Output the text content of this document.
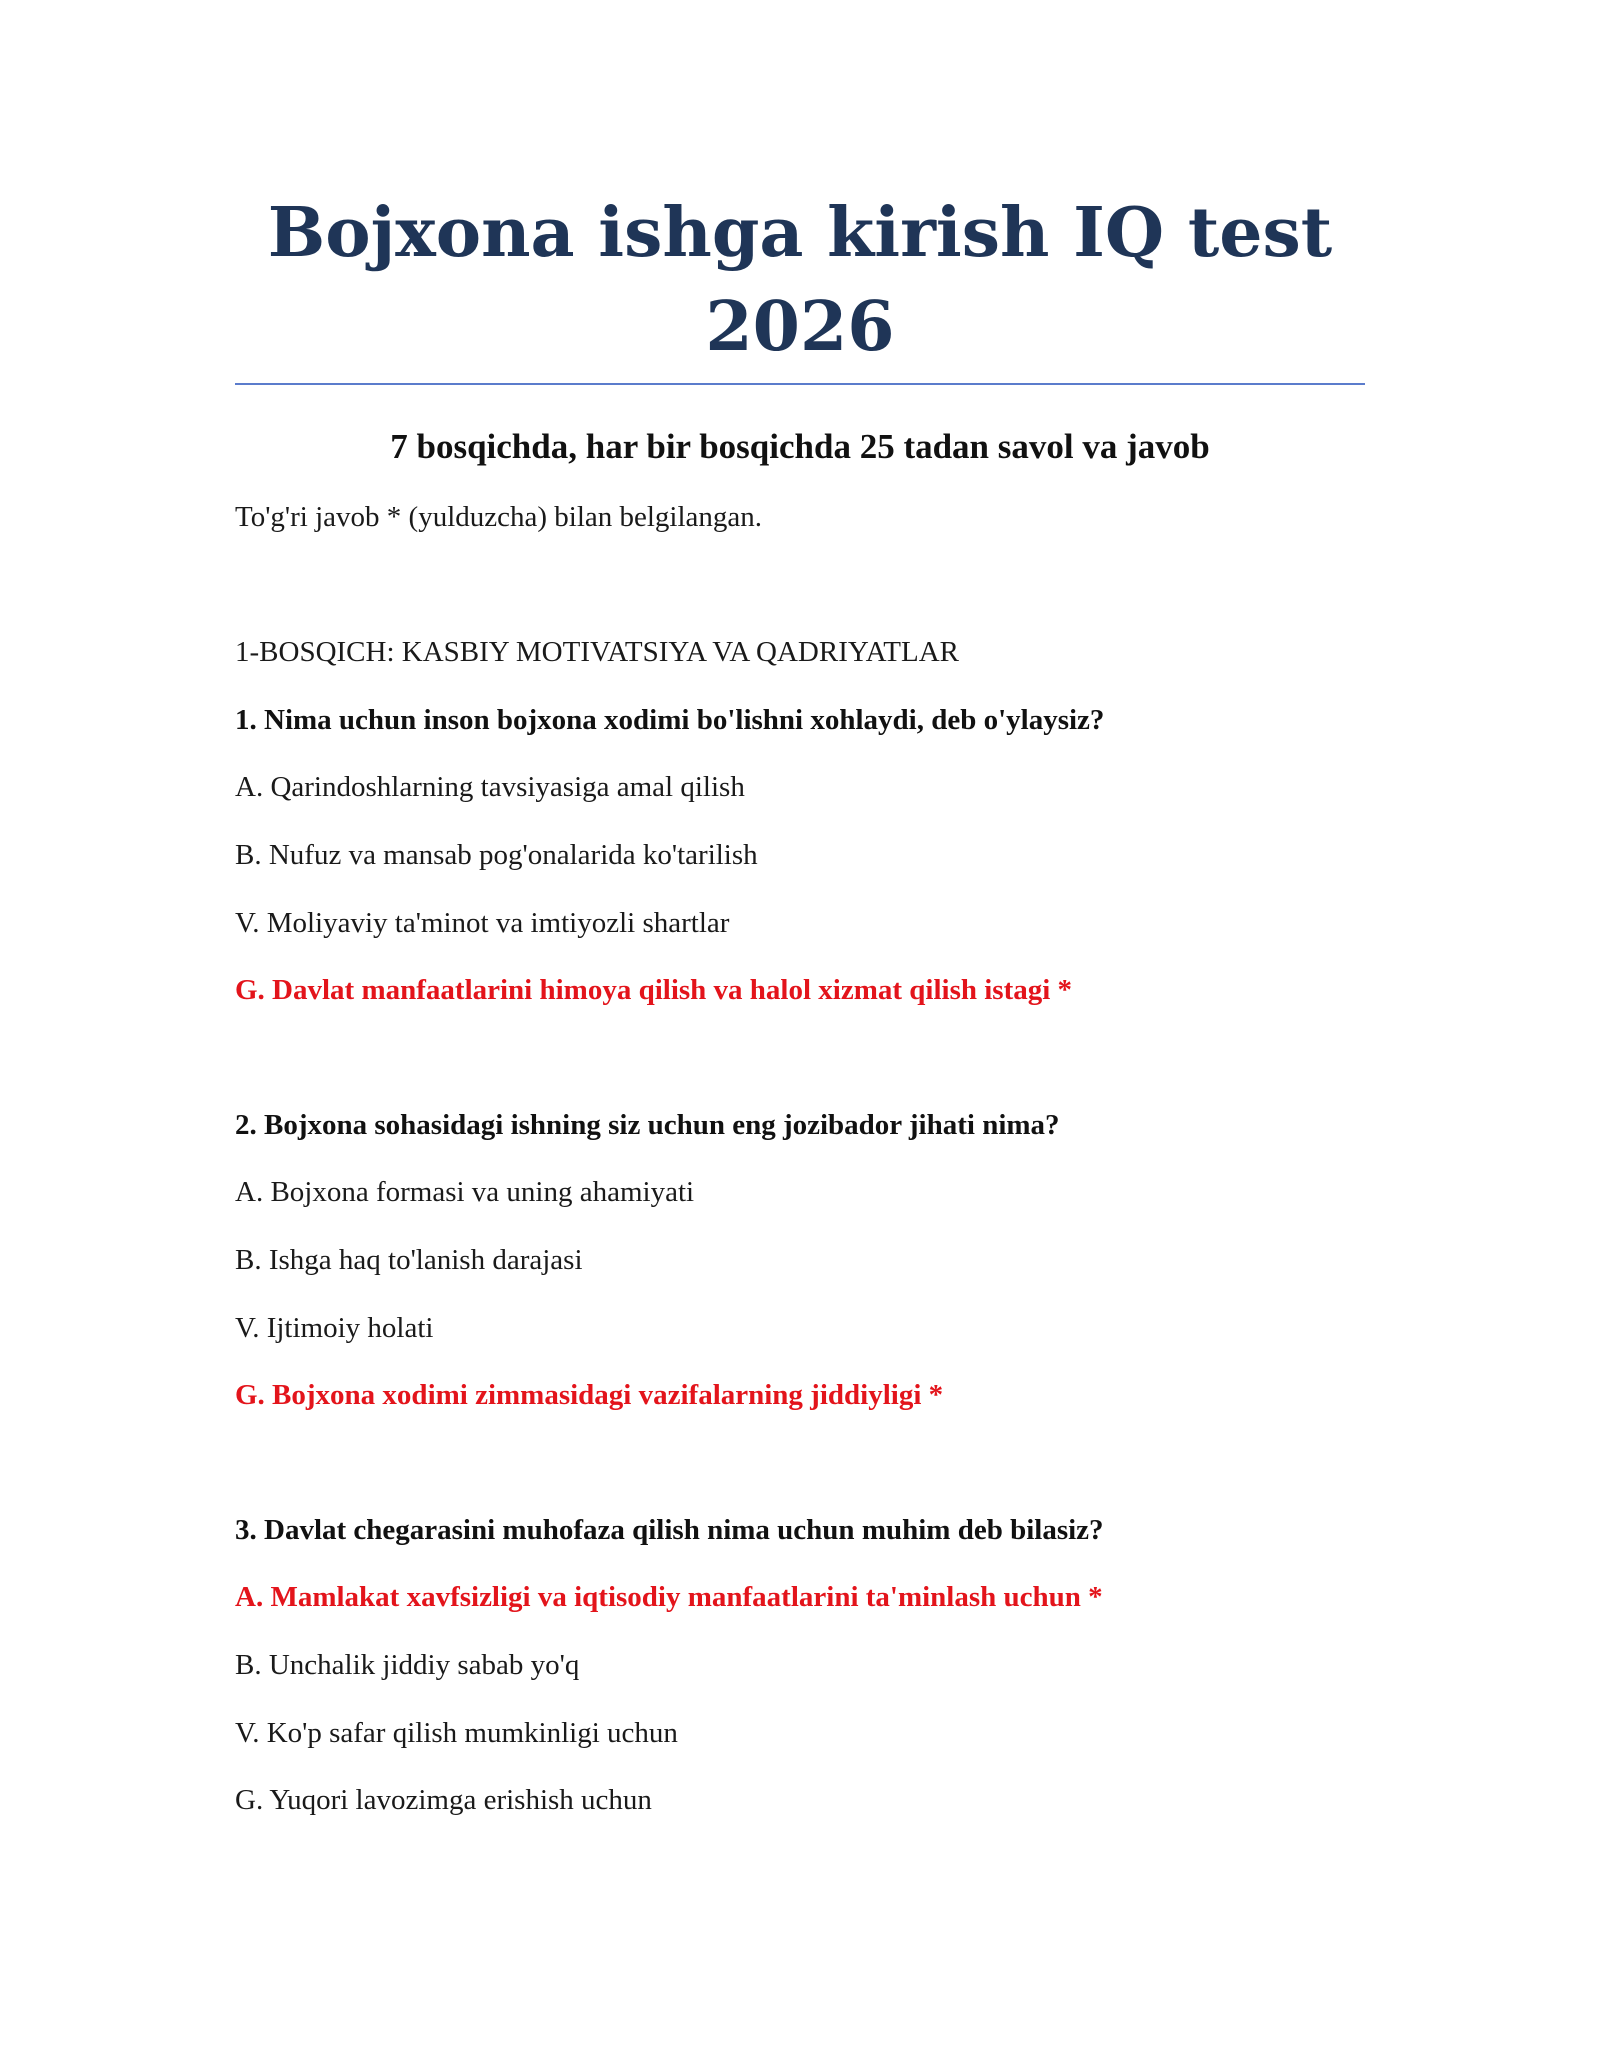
Bojxona ishga kirish IQ test
2026
7 bosqichda, har bir bosqichda 25 tadan savol va javob
To'g'ri javob * (yulduzcha) bilan belgilangan.
1-BOSQICH: KASBIY MOTIVATSIYA VA QADRIYATLAR
1. Nima uchun inson bojxona xodimi bo'lishni xohlaydi, deb o'ylaysiz?
A. Qarindoshlarning tavsiyasiga amal qilish
B. Nufuz va mansab pog'onalarida ko'tarilish
V. Moliyaviy ta'minot va imtiyozli shartlar
G. Davlat manfaatlarini himoya qilish va halol xizmat qilish istagi *
2. Bojxona sohasidagi ishning siz uchun eng jozibador jihati nima?
A. Bojxona formasi va uning ahamiyati
B. Ishga haq to'lanish darajasi
V. Ijtimoiy holati
G. Bojxona xodimi zimmasidagi vazifalarning jiddiyligi *
3. Davlat chegarasini muhofaza qilish nima uchun muhim deb bilasiz?
A. Mamlakat xavfsizligi va iqtisodiy manfaatlarini ta'minlash uchun *
B. Unchalik jiddiy sabab yo'q
V. Ko'p safar qilish mumkinligi uchun
G. Yuqori lavozimga erishish uchun
